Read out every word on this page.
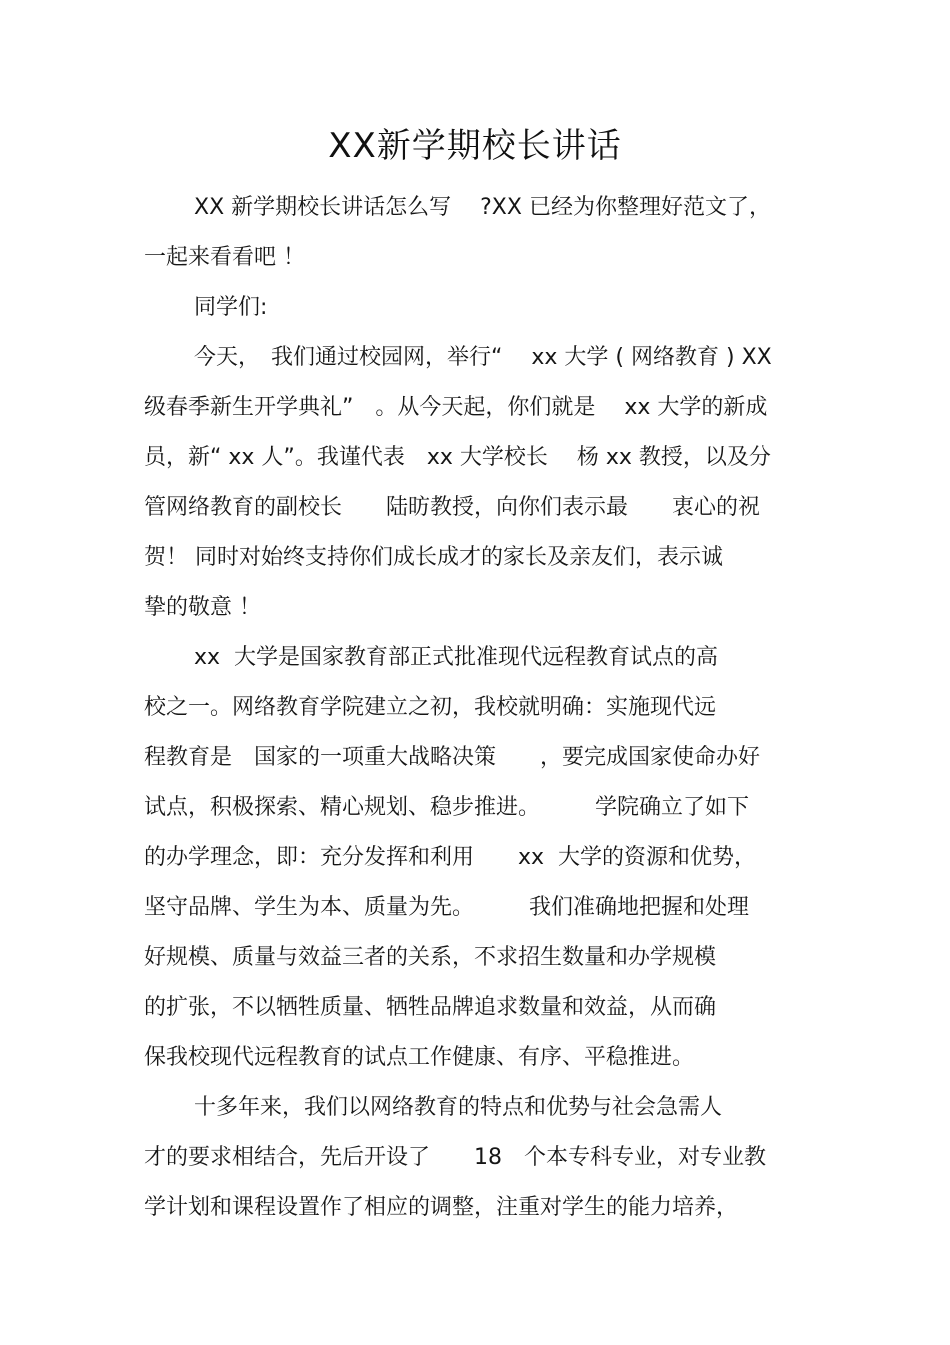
XX新学期校长讲话
XX 新学期校长讲话怎么写　 ?XX 已经为你整理好范文了，
一起来看看吧 ！
同学们:
今天，　我们通过校园网，举行“　 xx 大学 ( 网络教育 ) XX
级春季新生开学典礼”　。从今天起，你们就是　 xx 大学的新成
员，新“ xx 人”。我谨代表　xx 大学校长　 杨 xx 教授，以及分
管网络教育的副校长　　陆昉教授，向你们表示最　　衷心的祝
贺！ 同时对始终支持你们成长成才的家长及亲友们，表示诚
挚的敬意 ！
xx  大学是国家教育部正式批准现代远程教育试点的高
校之一。网络教育学院建立之初，我校就明确：实施现代远
程教育是　国家的一项重大战略决策　　，要完成国家使命办好
试点，积极探索、精心规划、稳步推进。　　　学院确立了如下
的办学理念，即：充分发挥和利用　　xx  大学的资源和优势，
坚守品牌、学生为本、质量为先。　　　我们准确地把握和处理
好规模、质量与效益三者的关系，不求招生数量和办学规模
的扩张，不以牺牲质量、牺牲品牌追求数量和效益，从而确
保我校现代远程教育的试点工作健康、有序、平稳推进。
十多年来，我们以网络教育的特点和优势与社会急需人
才的要求相结合，先后开设了　　18　个本专科专业，对专业教
学计划和课程设置作了相应的调整，注重对学生的能力培养，
